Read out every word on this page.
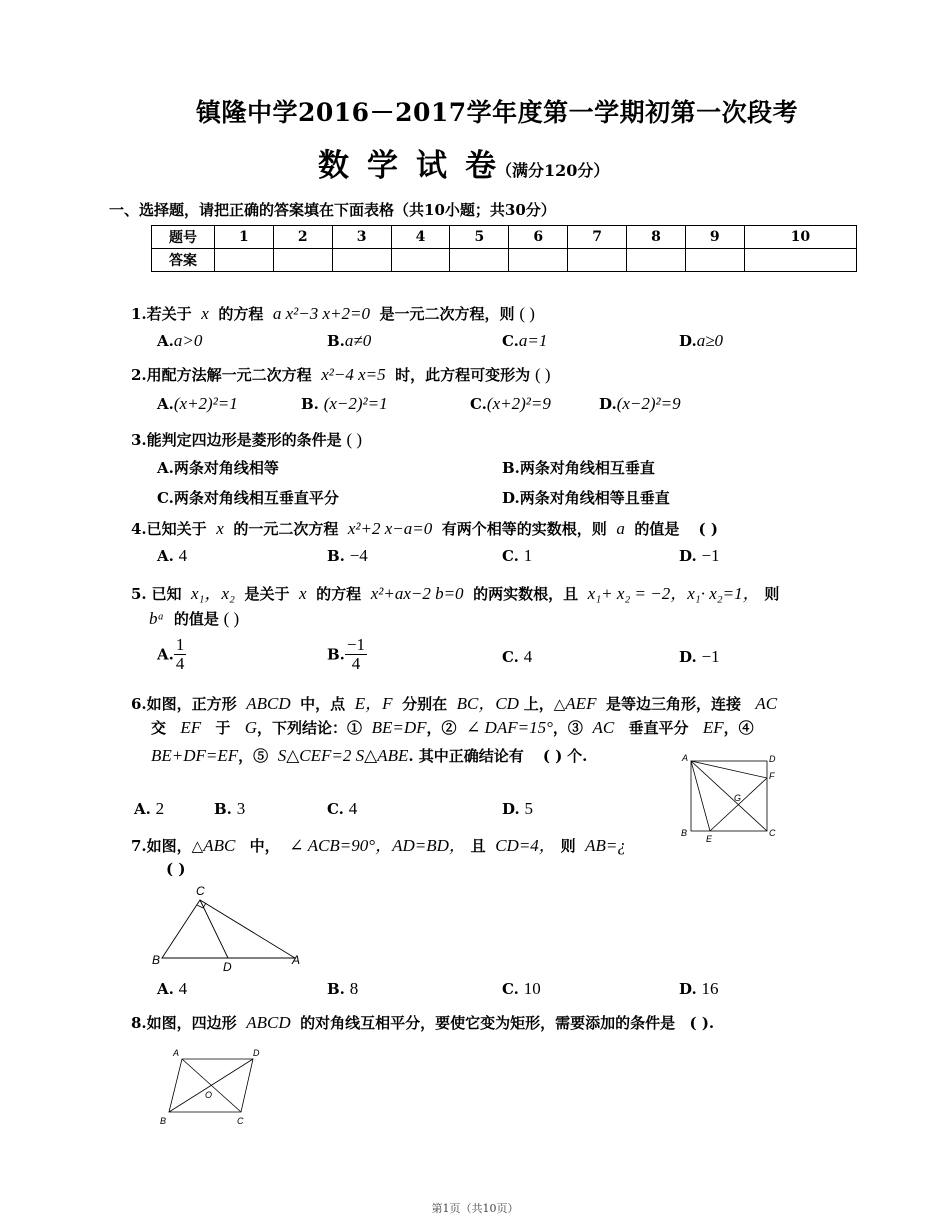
镇隆中学2016－2017学年度第一学期初第一次段考
数 学 试 卷（满分120分）
一、选择题，请把正确的答案填在下面表格（共10小题；共30分）
题号	1	2	3	4	5	6	7	8	9	10
答案										
1.若关于 x 的方程 a x²−3 x+2=0 是一元二次方程，则 ( )
A.a>0	B.a≠0	C.a=1	D.a≥0
2.用配方法解一元二次方程 x²−4 x=5 时，此方程可变形为 ( )
A.(x+2)²=1	B. (x−2)²=1	C.(x+2)²=9	D.(x−2)²=9
3.能判定四边形是菱形的条件是 ( )
A.两条对角线相等	B.两条对角线相互垂直
C.两条对角线相互垂直平分	D.两条对角线相等且垂直
4.已知关于 x 的一元二次方程 x²+2 x−a=0 有两个相等的实数根，则 a 的值是 ( )
A. 4	B. −4	C. 1	D. −1
5. 已知 x₁，x₂ 是关于 x 的方程 x²+ax−2 b=0 的两实数根，且 x₁+ x₂ = −2，x₁· x₂=1， 则
bᵃ 的值是 ( )
A. $\frac{1}{4}$	B. $\frac{-1}{4}$	C. 4	D. −1
6.如图，正方形 ABCD 中，点 E，F 分别在 BC，CD 上，△AEF 是等边三角形，连接 AC
交 EF 于 G，下列结论：① BE=DF，② ∠ DAF=15°，③ AC 垂直平分 EF，④
BE+DF=EF，⑤ S△CEF=2 S△ABE. 其中正确结论有 ( ) 个.
A. 2	B. 3	C. 4	D. 5
A	D
F
G
B
E
C
7.如图，△ABC 中， ∠ ACB=90°，AD=BD， 且 CD=4， 则 AB=¿
( )
C
B	D	A
A. 4	B. 8	C. 10	D. 16
8.如图，四边形 ABCD 的对角线互相平分，要使它变为矩形，需要添加的条件是 ( ).
A	D
O
B	C
第1页（共10页）
